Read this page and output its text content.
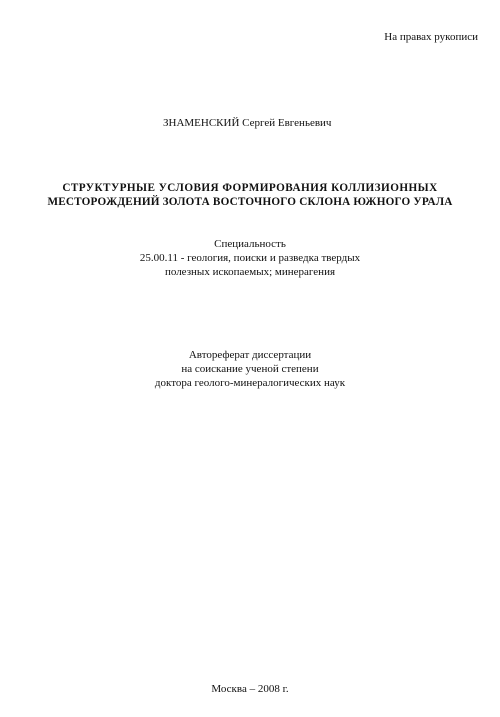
На правах рукописи

ЗНАМЕНСКИЙ Сергей Евгеньевич

СТРУКТУРНЫЕ УСЛОВИЯ ФОРМИРОВАНИЯ КОЛЛИЗИОННЫХ
МЕСТОРОЖДЕНИЙ ЗОЛОТА ВОСТОЧНОГО СКЛОНА ЮЖНОГО УРАЛА
Специальность
25.00.11 - геология, поиски и разведка твердых
полезных ископаемых; минерагения
Автореферат диссертации
на соискание ученой степени
доктора геолого-минералогических наук

Москва – 2008 г.
